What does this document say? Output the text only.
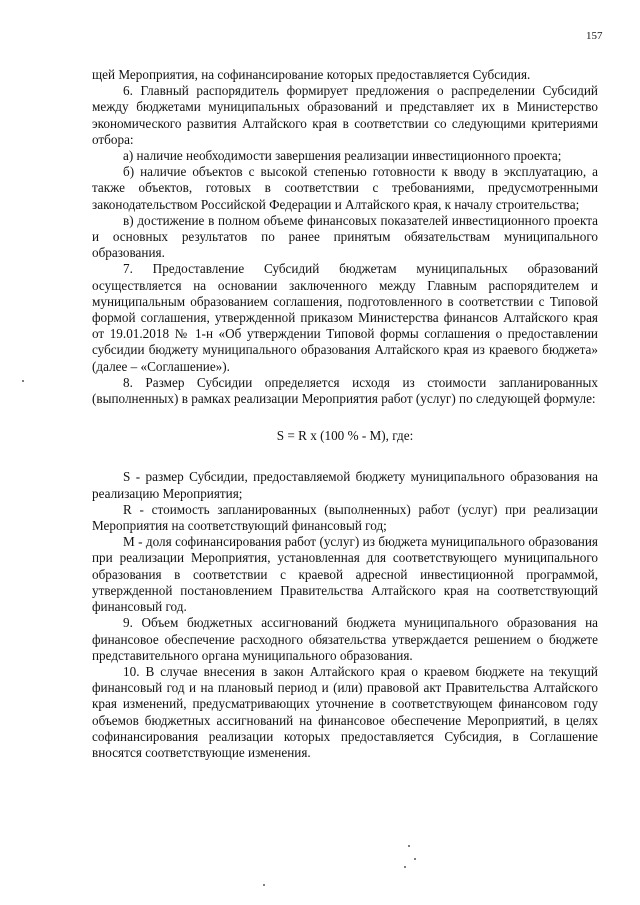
157

щей Мероприятия, на софинансирование которых предоставляется Субсидия.

6. Главный распорядитель формирует предложения о распределении Субсидий между бюджетами муниципальных образований и представляет их в Министерство экономического развития Алтайского края в соответствии со следующими критериями отбора:

а) наличие необходимости завершения реализации инвестиционного проекта;

б) наличие объектов с высокой степенью готовности к вводу в эксплуатацию, а также объектов, готовых в соответствии с требованиями, предусмотренными законодательством Российской Федерации и Алтайского края, к началу строительства;

в) достижение в полном объеме финансовых показателей инвестиционного проекта и основных результатов по ранее принятым обязательствам муниципального образования.

7. Предоставление Субсидий бюджетам муниципальных образований осуществляется на основании заключенного между Главным распорядителем и муниципальным образованием соглашения, подготовленного в соответствии с Типовой формой соглашения, утвержденной приказом Министерства финансов Алтайского края от 19.01.2018 № 1-н «Об утверждении Типовой формы соглашения о предоставлении субсидии бюджету муниципального образования Алтайского края из краевого бюджета» (далее – «Соглашение»).

8. Размер Субсидии определяется исходя из стоимости запланированных (выполненных) в рамках реализации Мероприятия работ (услуг) по следующей формуле:

S = R x (100 % - M), где:

S - размер Субсидии, предоставляемой бюджету муниципального образования на реализацию Мероприятия;

R - стоимость запланированных (выполненных) работ (услуг) при реализации Мероприятия на соответствующий финансовый год;

M - доля софинансирования работ (услуг) из бюджета муниципального образования при реализации Мероприятия, установленная для соответствующего муниципального образования в соответствии с краевой адресной инвестиционной программой, утвержденной постановлением Правительства Алтайского края на соответствующий финансовый год.

9. Объем бюджетных ассигнований бюджета муниципального образования на финансовое обеспечение расходного обязательства утверждается решением о бюджете представительного органа муниципального образования.

10. В случае внесения в закон Алтайского края о краевом бюджете на текущий финансовый год и на плановый период и (или) правовой акт Правительства Алтайского края изменений, предусматривающих уточнение в соответствующем финансовом году объемов бюджетных ассигнований на финансовое обеспечение Мероприятий, в целях софинансирования реализации которых предоставляется Субсидия, в Соглашение вносятся соответствующие изменения.
